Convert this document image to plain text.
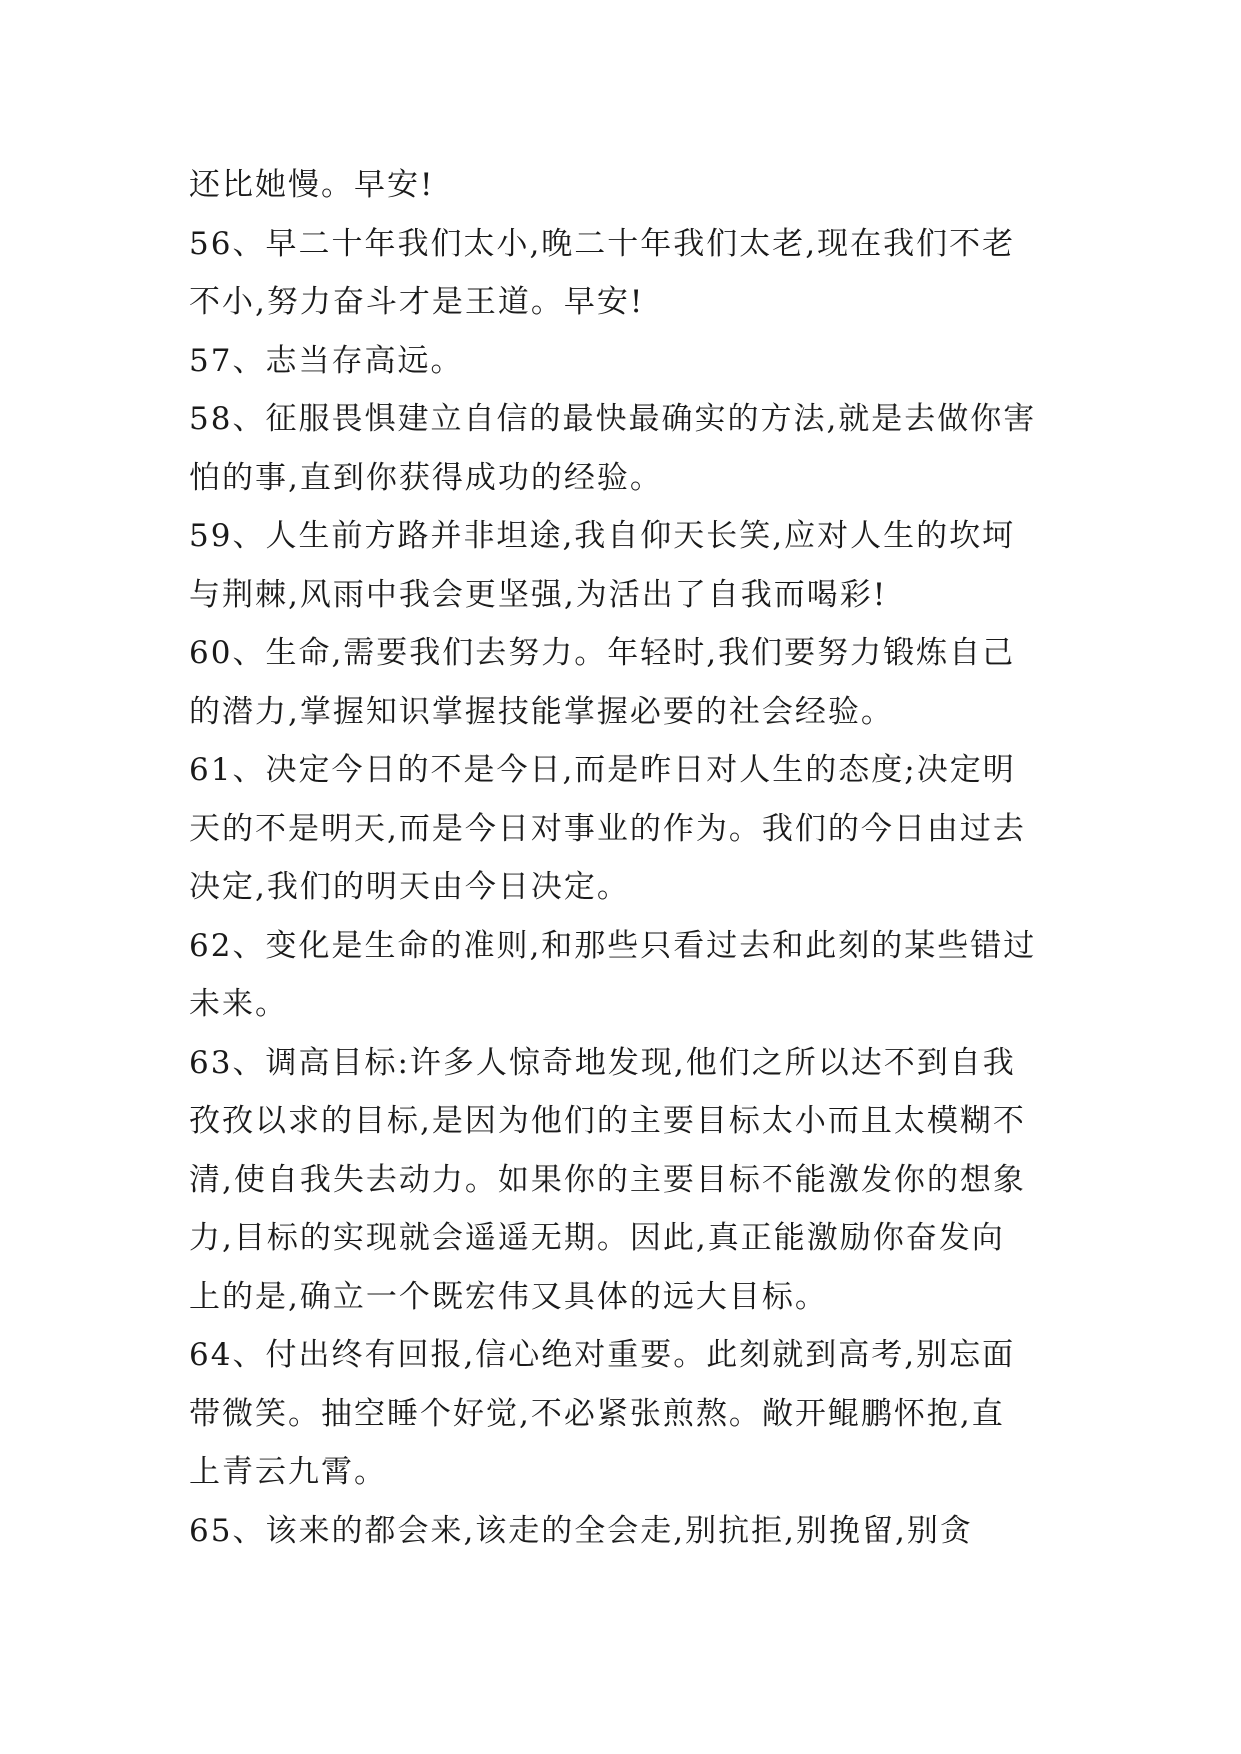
还比她慢。早安!
56、早二十年我们太小,晚二十年我们太老,现在我们不老
不小,努力奋斗才是王道。早安!
57、志当存高远。
58、征服畏惧建立自信的最快最确实的方法,就是去做你害
怕的事,直到你获得成功的经验。
59、人生前方路并非坦途,我自仰天长笑,应对人生的坎坷
与荆棘,风雨中我会更坚强,为活出了自我而喝彩!
60、生命,需要我们去努力。年轻时,我们要努力锻炼自己
的潜力,掌握知识掌握技能掌握必要的社会经验。
61、决定今日的不是今日,而是昨日对人生的态度;决定明
天的不是明天,而是今日对事业的作为。我们的今日由过去
决定,我们的明天由今日决定。
62、变化是生命的准则,和那些只看过去和此刻的某些错过
未来。
63、调高目标:许多人惊奇地发现,他们之所以达不到自我
孜孜以求的目标,是因为他们的主要目标太小而且太模糊不
清,使自我失去动力。如果你的主要目标不能激发你的想象
力,目标的实现就会遥遥无期。因此,真正能激励你奋发向
上的是,确立一个既宏伟又具体的远大目标。
64、付出终有回报,信心绝对重要。此刻就到高考,别忘面
带微笑。抽空睡个好觉,不必紧张煎熬。敞开鲲鹏怀抱,直
上青云九霄。
65、该来的都会来,该走的全会走,别抗拒,别挽留,别贪
